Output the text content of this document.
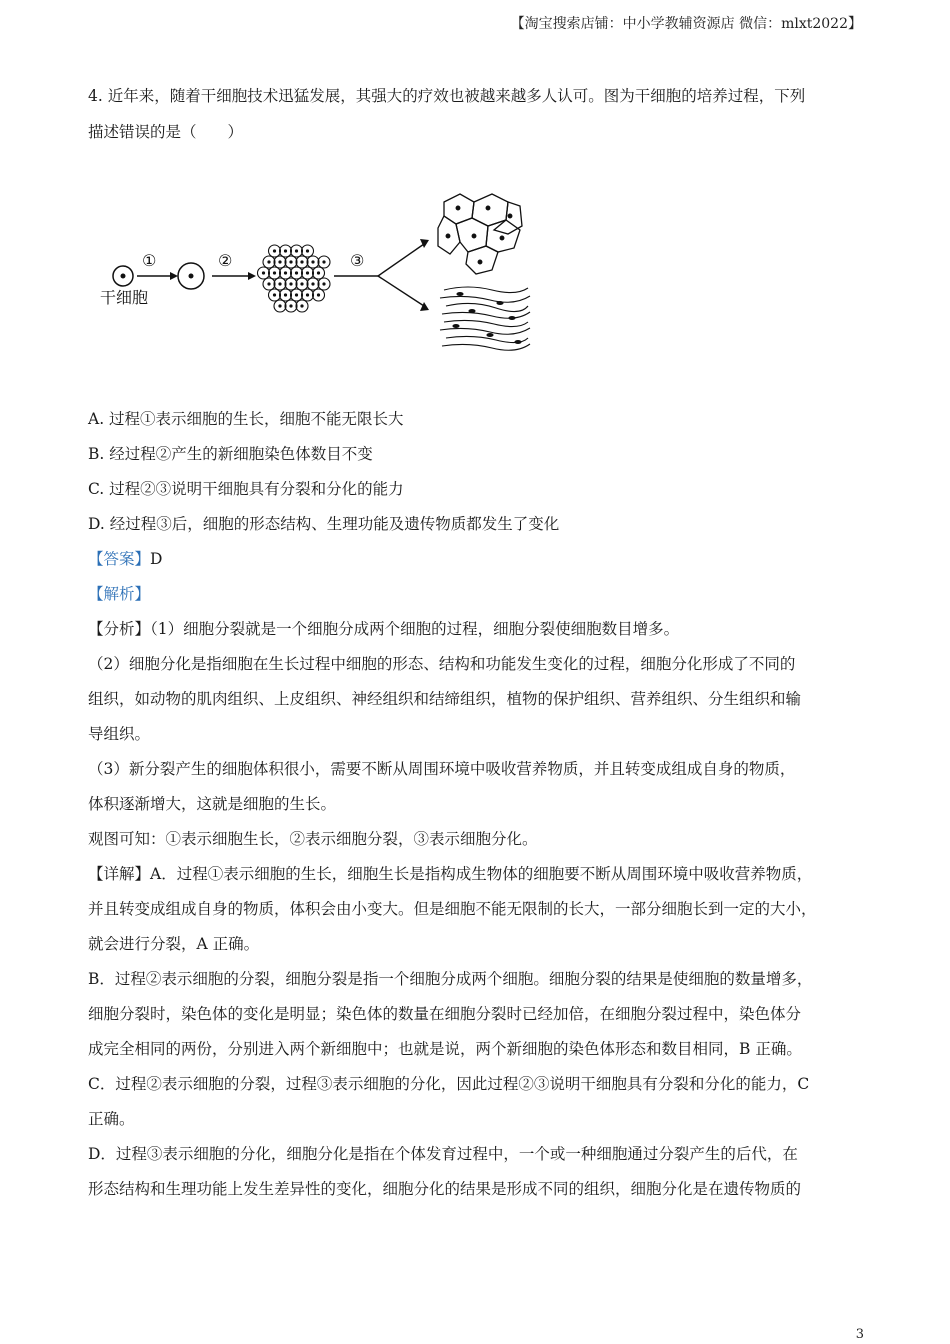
【淘宝搜索店铺：中小学教辅资源店 微信：mlxt2022】
4. 近年来，随着干细胞技术迅猛发展，其强大的疗效也被越来越多人认可。图为干细胞的培养过程，下列
描述错误的是（　　）
①	②	③
干细胞
A. 过程①表示细胞的生长，细胞不能无限长大
B. 经过程②产生的新细胞染色体数目不变
C. 过程②③说明干细胞具有分裂和分化的能力
D. 经过程③后，细胞的形态结构、生理功能及遗传物质都发生了变化
【答案】D
【解析】
【分析】（1）细胞分裂就是一个细胞分成两个细胞的过程，细胞分裂使细胞数目增多。
（2）细胞分化是指细胞在生长过程中细胞的形态、结构和功能发生变化的过程，细胞分化形成了不同的
组织，如动物的肌肉组织、上皮组织、神经组织和结缔组织，植物的保护组织、营养组织、分生组织和输
导组织。
（3）新分裂产生的细胞体积很小，需要不断从周围环境中吸收营养物质，并且转变成组成自身的物质，
体积逐渐增大，这就是细胞的生长。
观图可知：①表示细胞生长，②表示细胞分裂，③表示细胞分化。
【详解】A．过程①表示细胞的生长，细胞生长是指构成生物体的细胞要不断从周围环境中吸收营养物质，
并且转变成组成自身的物质，体积会由小变大。但是细胞不能无限制的长大，一部分细胞长到一定的大小，
就会进行分裂，A 正确。
B．过程②表示细胞的分裂，细胞分裂是指一个细胞分成两个细胞。细胞分裂的结果是使细胞的数量增多，
细胞分裂时，染色体的变化是明显；染色体的数量在细胞分裂时已经加倍，在细胞分裂过程中，染色体分
成完全相同的两份，分别进入两个新细胞中；也就是说，两个新细胞的染色体形态和数目相同，B 正确。
C．过程②表示细胞的分裂，过程③表示细胞的分化，因此过程②③说明干细胞具有分裂和分化的能力，C
正确。
D．过程③表示细胞的分化，细胞分化是指在个体发育过程中，一个或一种细胞通过分裂产生的后代，在
形态结构和生理功能上发生差异性的变化，细胞分化的结果是形成不同的组织，细胞分化是在遗传物质的
3
